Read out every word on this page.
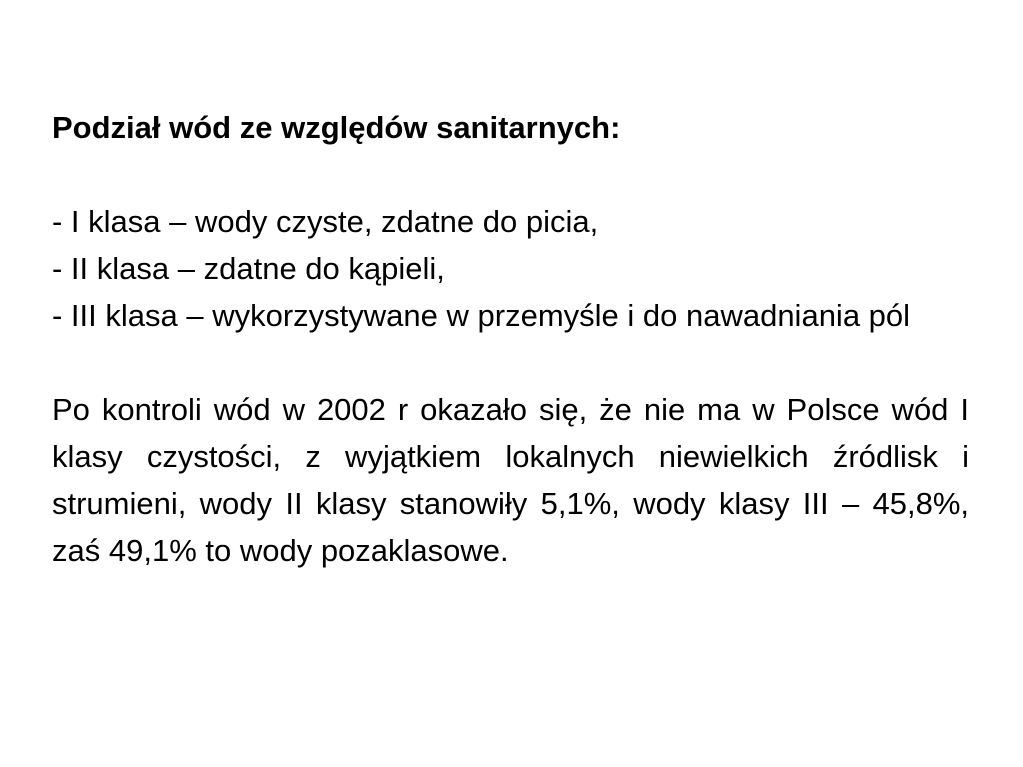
Podział wód ze względów sanitarnych:

- I klasa – wody czyste, zdatne do picia,

- II klasa – zdatne do kąpieli,

- III klasa – wykorzystywane w przemyśle i do nawadniania pól

Po kontroli wód w 2002 r okazało się, że nie ma w Polsce wód I klasy czystości, z wyjątkiem lokalnych niewielkich źródlisk i strumieni, wody II klasy stanowiły 5,1%, wody klasy III – 45,8%, zaś 49,1% to wody pozaklasowe.
